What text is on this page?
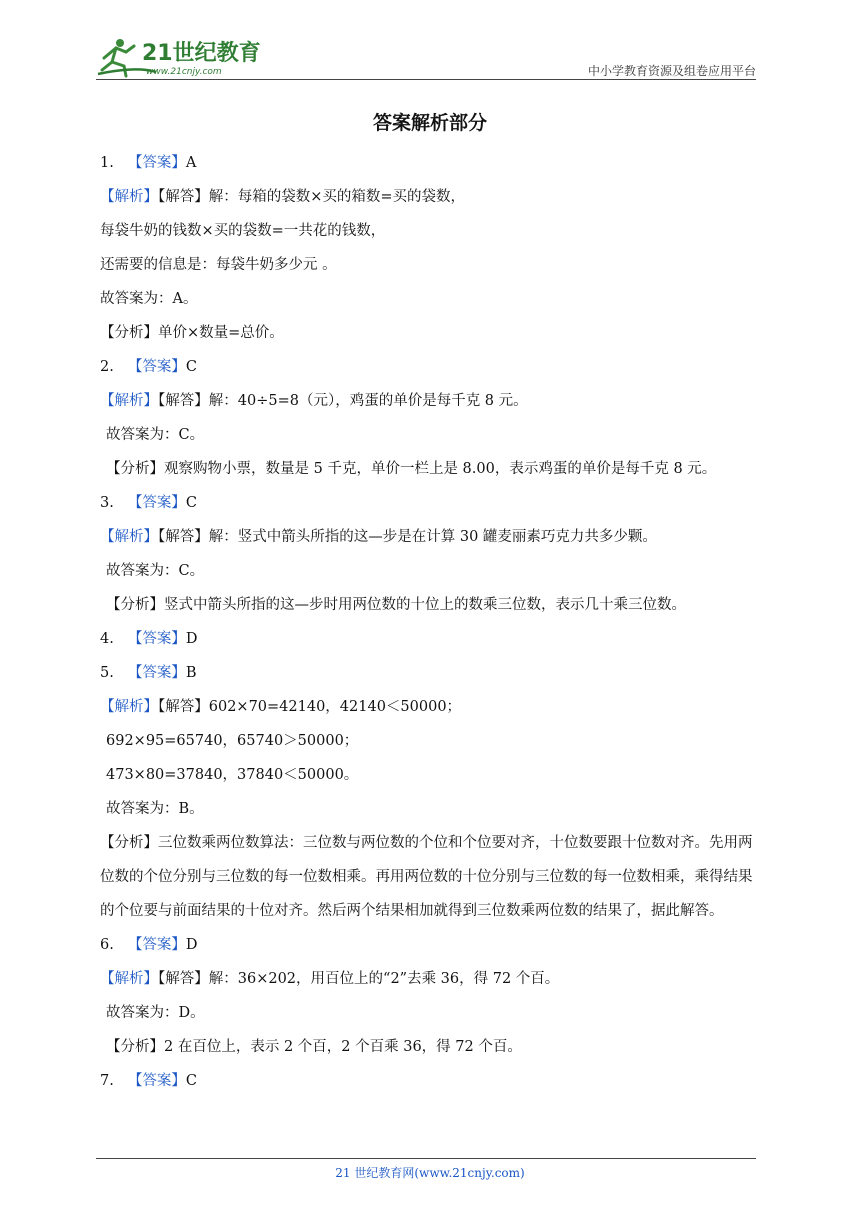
21世纪教育
www.21cnjy.com	中小学教育资源及组卷应用平台
答案解析部分
1. 【答案】A
【解析】【解答】解：每箱的袋数×买的箱数=买的袋数，
每袋牛奶的钱数×买的袋数=一共花的钱数，
还需要的信息是：每袋牛奶多少元 。
故答案为：A。
【分析】单价×数量=总价。
2. 【答案】C
【解析】【解答】解：40÷5=8（元），鸡蛋的单价是每千克 8 元。
故答案为：C。
【分析】观察购物小票，数量是 5 千克，单价一栏上是 8.00，表示鸡蛋的单价是每千克 8 元。
3. 【答案】C
【解析】【解答】解：竖式中箭头所指的这—步是在计算 30 罐麦丽素巧克力共多少颗。
故答案为：C。
【分析】竖式中箭头所指的这—步时用两位数的十位上的数乘三位数，表示几十乘三位数。
4. 【答案】D
5. 【答案】B
【解析】【解答】602×70=42140，42140＜50000；
692×95=65740，65740＞50000；
473×80=37840，37840＜50000。
故答案为：B。
【分析】三位数乘两位数算法：三位数与两位数的个位和个位要对齐，十位数要跟十位数对齐。先用两位数的个位分别与三位数的每一位数相乘。再用两位数的十位分别与三位数的每一位数相乘，乘得结果的个位要与前面结果的十位对齐。然后两个结果相加就得到三位数乘两位数的结果了，据此解答。
6. 【答案】D
【解析】【解答】解：36×202，用百位上的“2”去乘 36，得 72 个百。
故答案为：D。
【分析】2 在百位上，表示 2 个百，2 个百乘 36，得 72 个百。
7. 【答案】C
21 世纪教育网(www.21cnjy.com)
